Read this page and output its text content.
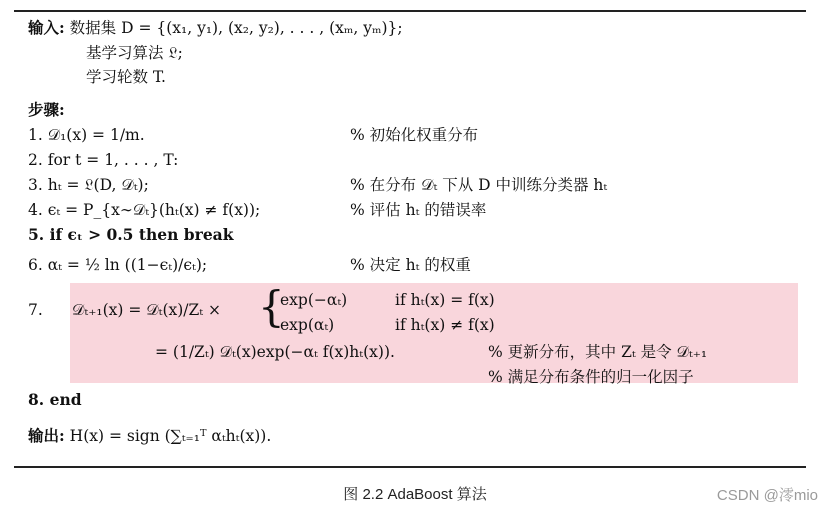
输入: 数据集 D = {(x₁, y₁), (x₂, y₂), . . . , (xₘ, yₘ)};
基学习算法 𝔏;
学习轮数 T.
步骤:
1. 𝒟₁(x) = 1/m.	% 初始化权重分布
2. for t = 1, . . . , T:
3. hₜ = 𝔏(D, 𝒟ₜ);	% 在分布 𝒟ₜ 下从 D 中训练分类器 hₜ
4. ϵₜ = P_{x∼𝒟ₜ}(hₜ(x) ≠ f(x));	% 评估 hₜ 的错误率
5. if ϵₜ > 0.5 then break
6. αₜ = ½ ln ((1−ϵₜ)/ϵₜ);	% 决定 hₜ 的权重
7. 𝒟ₜ₊₁(x) = 𝒟ₜ(x)/Zₜ × {
exp(−αₜ)	if hₜ(x) = f(x)
exp(αₜ)	if hₜ(x) ≠ f(x)
= (1/Zₜ) 𝒟ₜ(x)exp(−αₜ f(x)hₜ(x)).	% 更新分布，其中 Zₜ 是令 𝒟ₜ₊₁
% 满足分布条件的归一化因子
8. end
输出: H(x) = sign (∑ₜ₌₁ᵀ αₜhₜ(x)).
图 2.2 AdaBoost 算法	CSDN @澪mio
